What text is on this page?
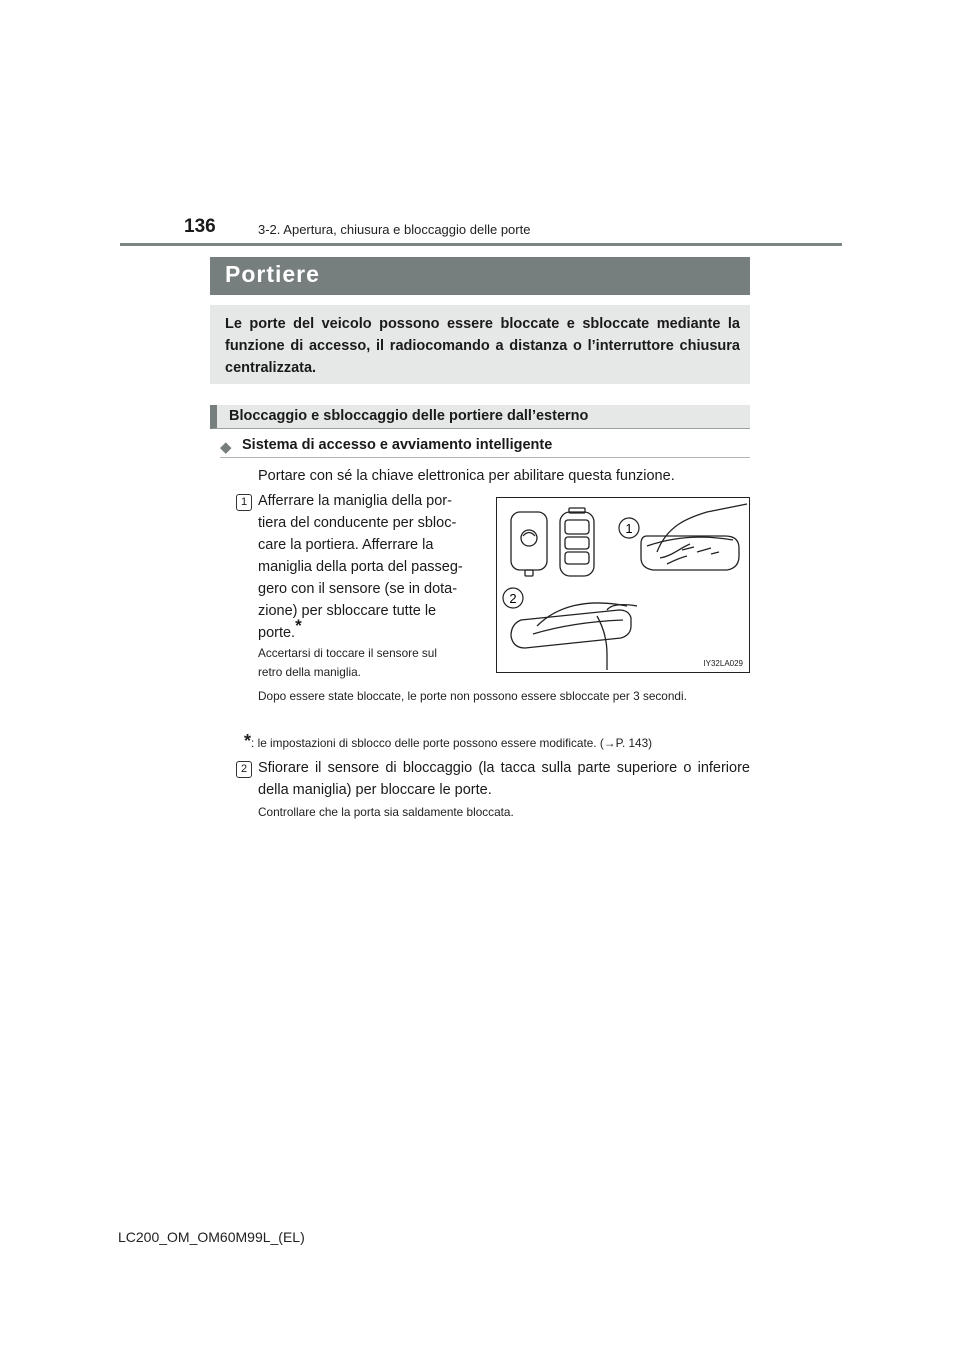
136	3-2. Apertura, chiusura e bloccaggio delle porte
Portiere

Le porte del veicolo possono essere bloccate e sbloccate mediante la funzione di accesso, il radiocomando a distanza o l’interruttore chiusura centralizzata.

Bloccaggio e sbloccaggio delle portiere dall’esterno
◆ Sistema di accesso e avviamento intelligente
Portare con sé la chiave elettronica per abilitare questa funzione.
1 Afferrare la maniglia della por-
tiera del conducente per sbloc-
care la portiera. Afferrare la
maniglia della porta del passeg-
gero con il sensore (se in dota-
zione) per sbloccare tutte le
porte.*
Accertarsi di toccare il sensore sul
retro della maniglia.
Dopo essere state bloccate, le porte non possono essere sbloccate per 3 secondi.
1
2
IY32LA029
*: le impostazioni di sblocco delle porte possono essere modificate. (→P. 143)
2 Sfiorare il sensore di bloccaggio (la tacca sulla parte superiore o inferiore della maniglia) per bloccare le porte.
Controllare che la porta sia saldamente bloccata.
LC200_OM_OM60M99L_(EL)
